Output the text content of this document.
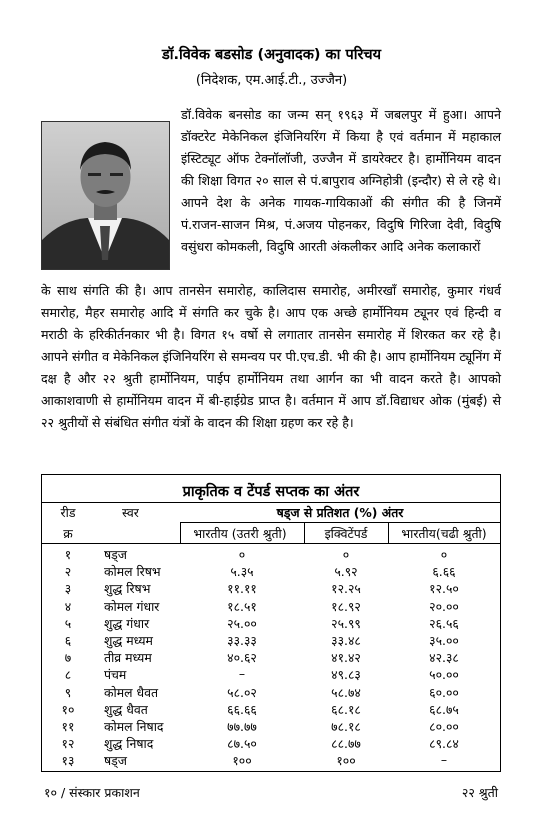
डॉ.विवेक बडसोड (अनुवादक) का परिचय
(निदेशक, एम.आई.टी., उज्जैन)
डॉ.विवेक बनसोड का जन्म सन् १९६३ में जबलपुर में हुआ। आपने डॉक्टरेट मेकेनिकल इंजिनियरिंग में किया है एवं वर्तमान में महाकाल इंस्टिट्यूट ऑफ टेक्नॉलॉजी, उज्जैन में डायरेक्टर है। हार्मोनियम वादन की शिक्षा विगत २० साल से पं.बापुराव अग्निहोत्री (इन्दौर) से ले रहे थे। आपने देश के अनेक गायक-गायिकाओं की संगीत की है जिनमें पं.राजन-साजन मिश्र, पं.अजय पोहनकर, विदुषि गिरिजा देवी, विदुषि वसुंधरा कोमकली, विदुषि आरती अंकलीकर आदि अनेक कलाकारों
के साथ संगति की है। आप तानसेन समारोह, कालिदास समारोह, अमीरखाँ समारोह, कुमार गंधर्व समारोह, मैहर समारोह आदि में संगति कर चुके है। आप एक अच्छे हार्मोनियम ट्यूनर एवं हिन्दी व मराठी के हरिकीर्तनकार भी है। विगत १५ वर्षो से लगातार तानसेन समारोह में शिरकत कर रहे है। आपने संगीत व मेकेनिकल इंजिनियरिंग से समन्वय पर पी.एच.डी. भी की है। आप हार्मोनियम ट्यूनिंग में दक्ष है और २२ श्रुती हार्मोनियम, पाईप हार्मोनियम तथा आर्गन का भी वादन करते है। आपको आकाशवाणी से हार्मोनियम वादन में बी-हाईग्रेड प्राप्त है। वर्तमान में आप डॉ.विद्याधर ओक (मुंबई) से २२ श्रुतीयों से संबंधित संगीत यंत्रों के वादन की शिक्षा ग्रहण कर रहे है।
प्राकृतिक व टेंपर्ड सप्तक का अंतर
रीड	स्वर	षड्ज से प्रतिशत (%) अंतर
क्र	भारतीय (उतरी श्रुती)	इक्विटेंपर्ड	भारतीय(चढी श्रुती)
१	षड्ज	०	०	०
२	कोमल रिषभ	५.३५	५.९२	६.६६
३	शुद्ध रिषभ	११.११	१२.२५	१२.५०
४	कोमल गंधार	१८.५१	१८.९२	२०.००
५	शुद्ध गंधार	२५.००	२५.९९	२६.५६
६	शुद्ध मध्यम	३३.३३	३३.४८	३५.००
७	तीव्र मध्यम	४०.६२	४१.४२	४२.३८
८	पंचम	–	४९.८३	५०.००
९	कोमल धैवत	५८.०२	५८.७४	६०.००
१०	शुद्ध धैवत	६६.६६	६८.१८	६८.७५
११	कोमल निषाद	७७.७७	७८.१८	८०.००
१२	शुद्ध निषाद	८७.५०	८८.७७	८९.८४
१३	षड्ज	१००	१००	–
१० / संस्कार प्रकाशन	२२ श्रुती
